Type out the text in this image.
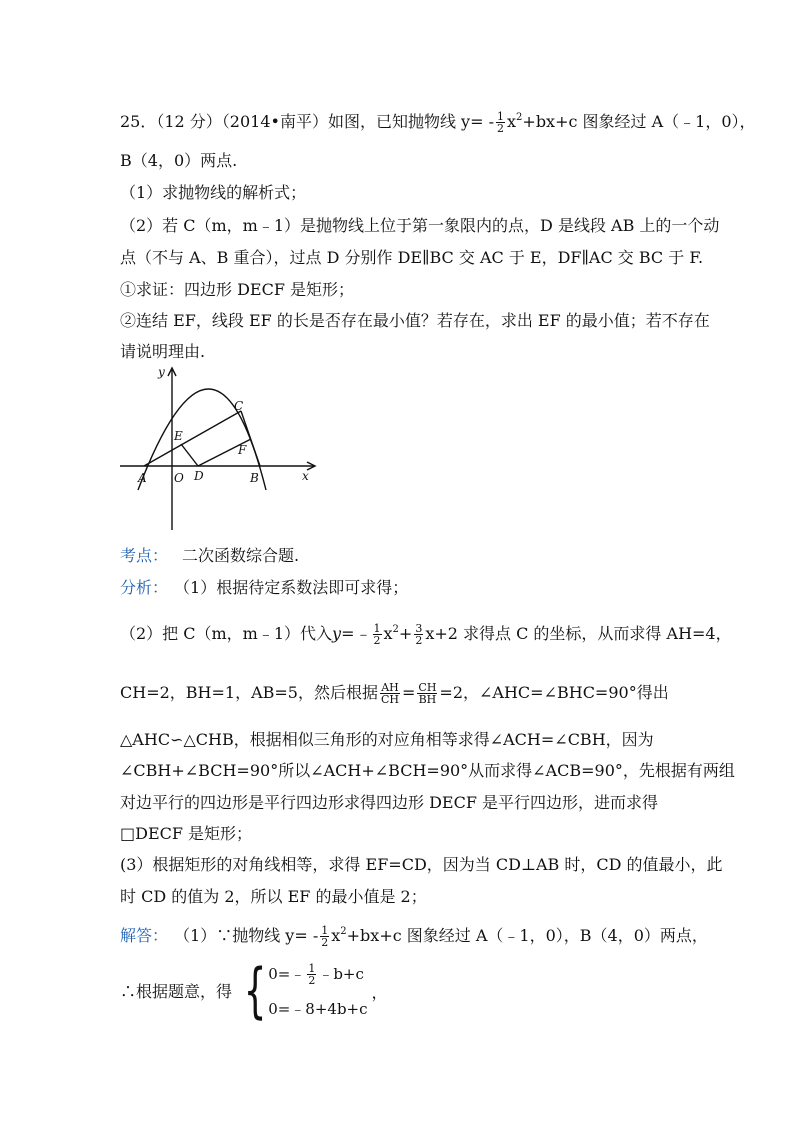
25．（12 分）（2014•南平）如图，已知抛物线 $y= - \frac{1}{2} x^2+bx+c$ 图象经过 A（﹣1，0），
B（4，0）两点.
（1）求抛物线的解析式；
（2）若 C（m，m﹣1）是抛物线上位于第一象限内的点，D 是线段 AB 上的一个动
点（不与 A、B 重合），过点 D 分别作 DE∥BC 交 AC 于 E，DF∥AC 交 BC 于 F.
①求证：四边形 DECF 是矩形；
②连结 EF，线段 EF 的长是否存在最小值？若存在，求出 EF 的最小值；若不存在
请说明理由.
y
x
C
E
F
A O D	B
考点： 二次函数综合题.
分析： （1）根据待定系数法即可求得；
（2）把 C（m，m﹣1）代入y=﹣ $\frac{1}{2} x^2+ \frac{3}{2} x+2$ 求得点 C 的坐标，从而求得 AH=4，
CH=2，BH=1，AB=5，然后根据 $\frac{AH}{CH} = \frac{CH}{BH} =2$，∠AHC=∠BHC=90°得出
△AHC∽△CHB，根据相似三角形的对应角相等求得∠ACH=∠CBH，因为
∠CBH+∠BCH=90°所以∠ACH+∠BCH=90°从而求得∠ACB=90°，先根据有两组
对边平行的四边形是平行四边形求得四边形 DECF 是平行四边形，进而求得
□DECF 是矩形；
(3）根据矩形的对角线相等，求得 EF=CD，因为当 CD⊥AB 时，CD 的值最小，此
时 CD 的值为 2，所以 EF 的最小值是 2；
解答： （1）∵抛物线 $y= - \frac{1}{2} x^2+bx+c$ 图象经过 A（﹣1，0），B（4，0）两点，
∴根据题意，得 { 0=﹣ $\frac{1}{2}$ ﹣b+c
0=﹣8+4b+c
，
